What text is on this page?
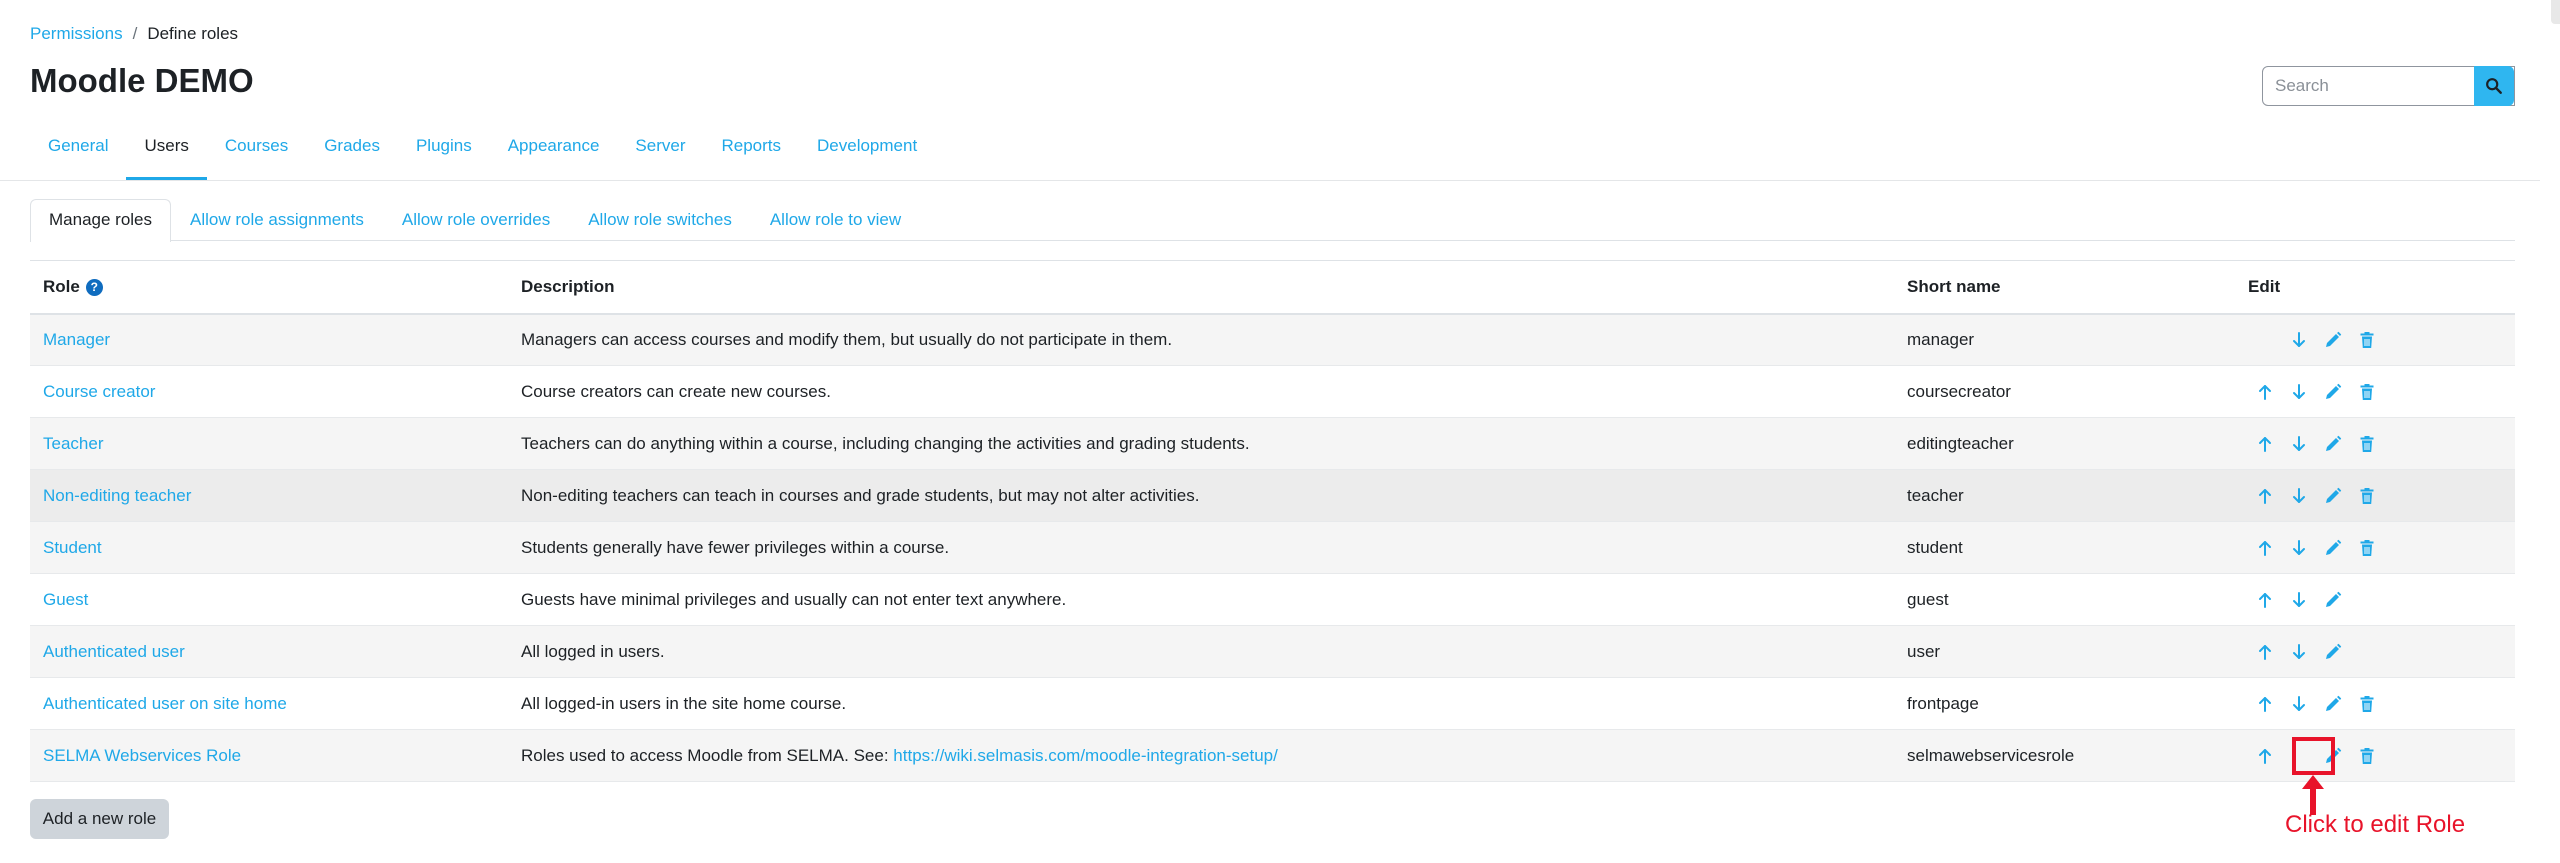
Permissions / Define roles
Moodle DEMO
Search
General	Users	Courses	Grades	Plugins	Appearance	Server	Reports	Development
Manage roles	Allow role assignments	Allow role overrides	Allow role switches	Allow role to view
Role ?	Description	Short name	Edit
Manager	Managers can access courses and modify them, but usually do not participate in them.	manager	

Course creator	Course creators can create new courses.	coursecreator	

Teacher	Teachers can do anything within a course, including changing the activities and grading students.	editingteacher	

Non-editing teacher	Non-editing teachers can teach in courses and grade students, but may not alter activities.	teacher	

Student	Students generally have fewer privileges within a course.	student	

Guest	Guests have minimal privileges and usually can not enter text anywhere.	guest	

Authenticated user	All logged in users.	user	

Authenticated user on site home	All logged-in users in the site home course.	frontpage	

SELMA Webservices Role	Roles used to access Moodle from SELMA. See: https://wiki.selmasis.com/moodle-integration-setup/	selmawebservicesrole	
Add a new role	Click to edit Role
